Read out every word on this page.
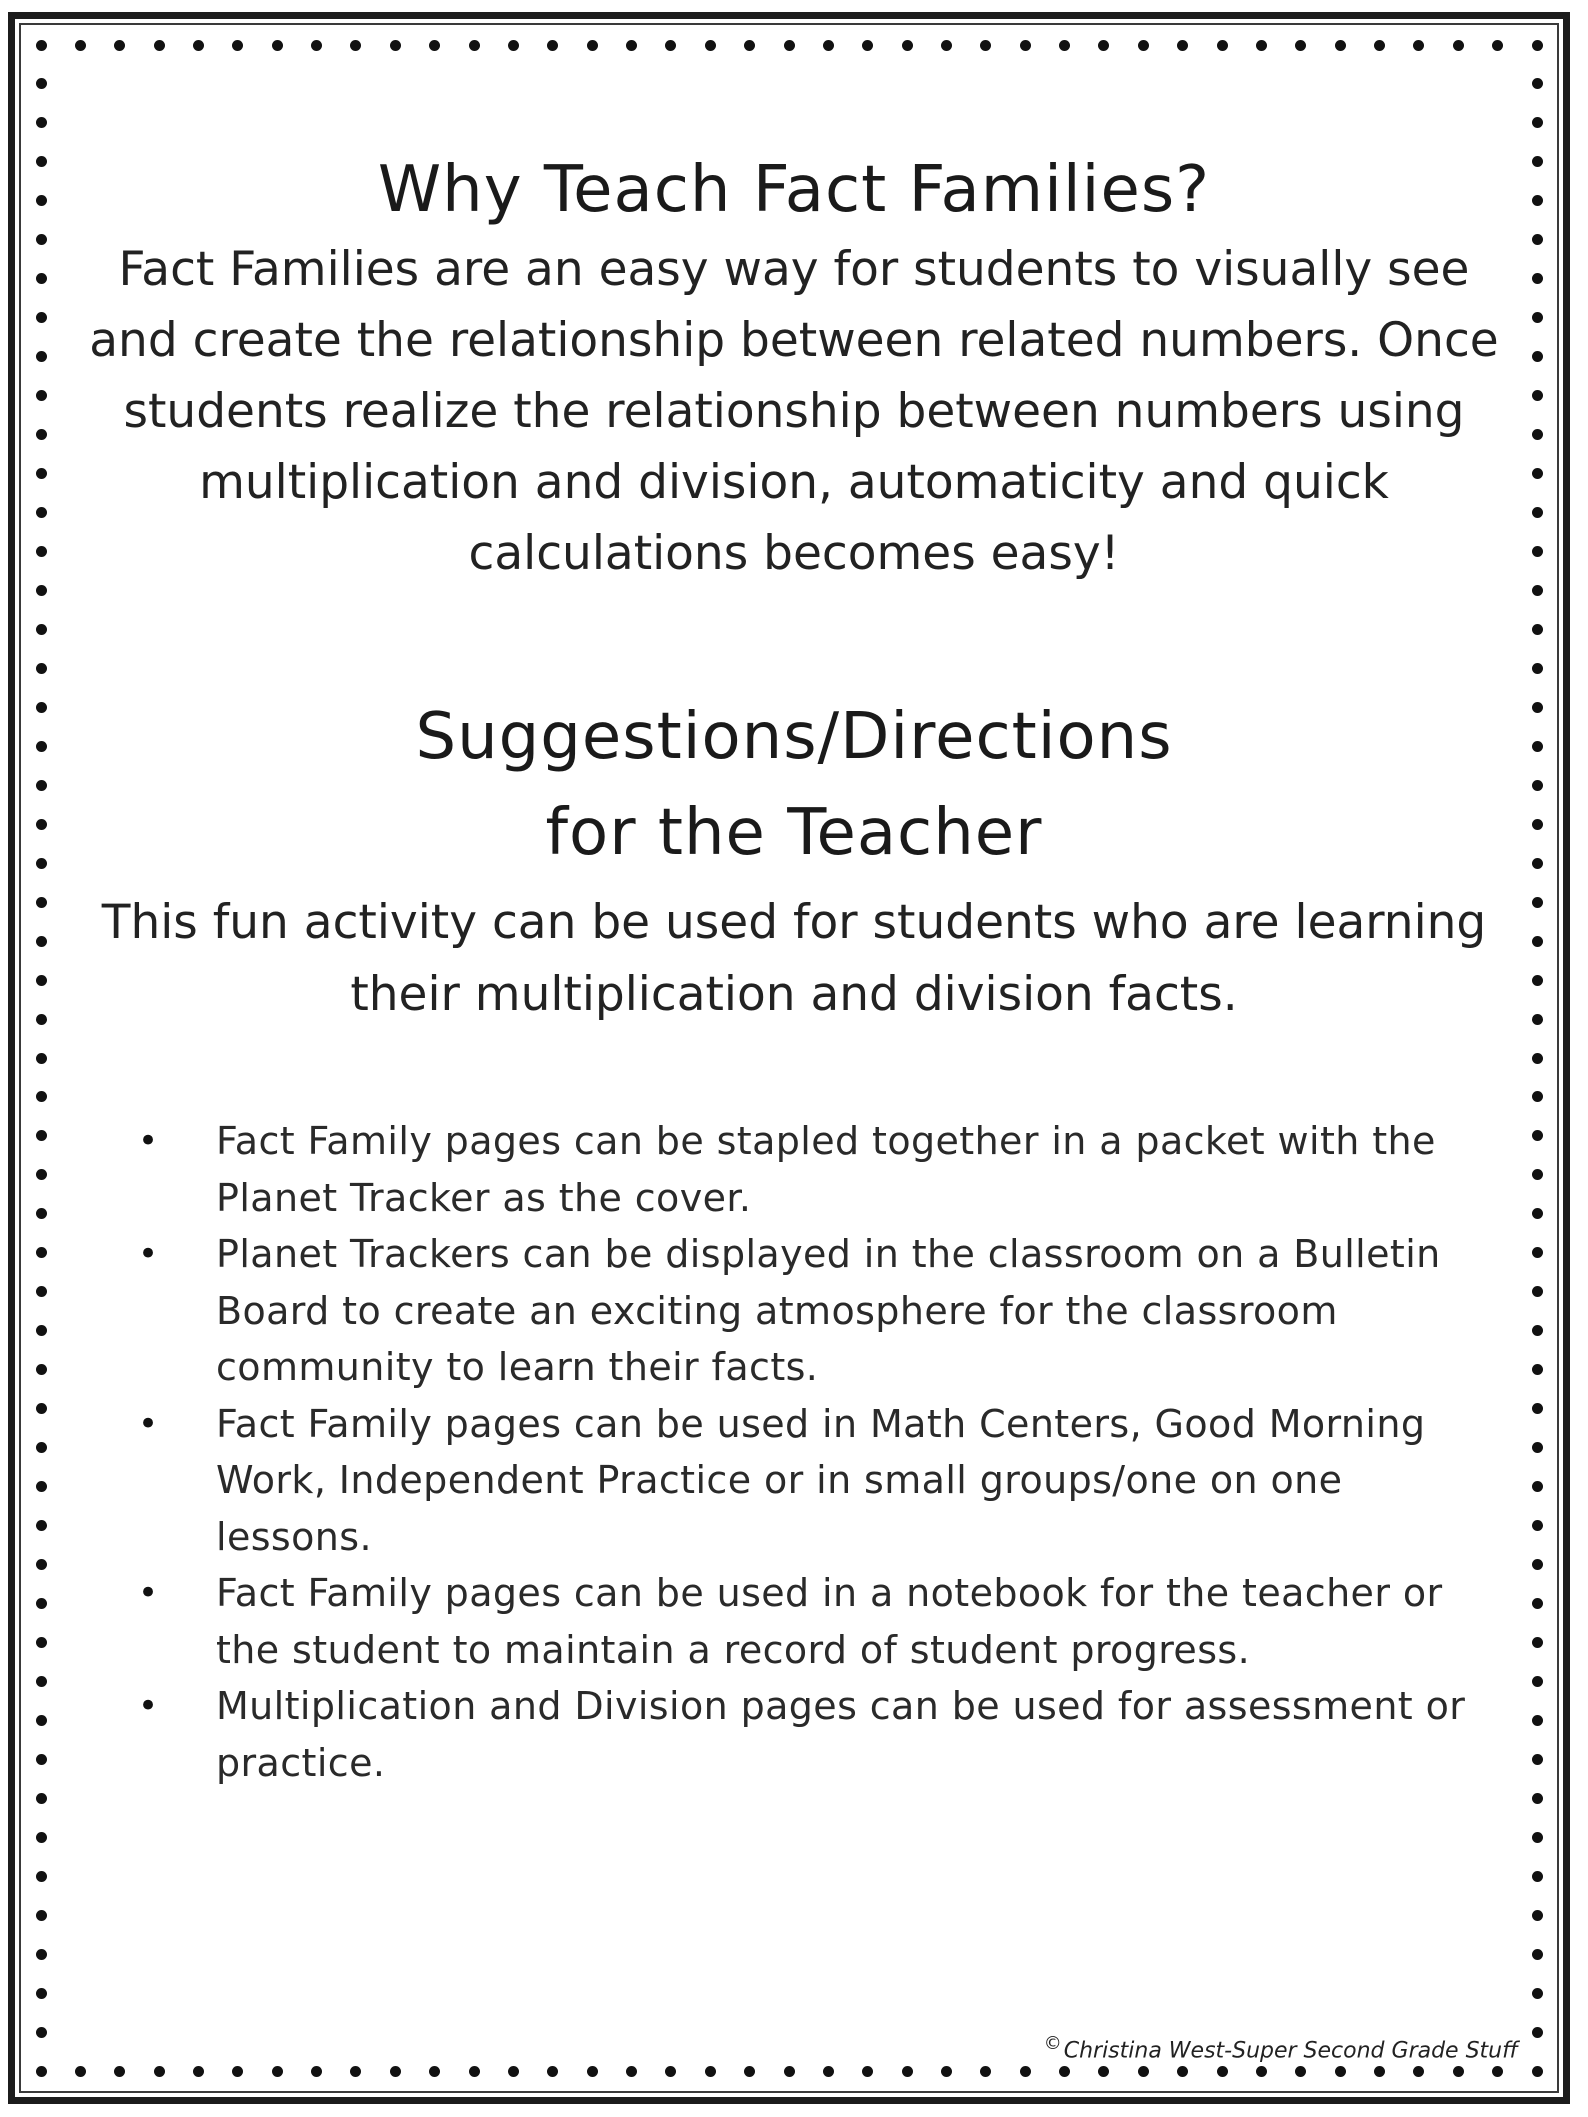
Why Teach Fact Families?

Fact Families are an easy way for students to visually see and create the relationship between related numbers. Once students realize the relationship between numbers using multiplication and division, automaticity and quick calculations becomes easy!

Suggestions/Directions
for the Teacher

This fun activity can be used for students who are learning their multiplication and division facts.

• Fact Family pages can be stapled together in a packet with the Planet Tracker as the cover.
• Planet Trackers can be displayed in the classroom on a Bulletin Board to create an exciting atmosphere for the classroom community to learn their facts.
• Fact Family pages can be used in Math Centers, Good Morning Work, Independent Practice or in small groups/one on one lessons.
• Fact Family pages can be used in a notebook for the teacher or the student to maintain a record of student progress.
• Multiplication and Division pages can be used for assessment or practice.
©Christina West-Super Second Grade Stuff
